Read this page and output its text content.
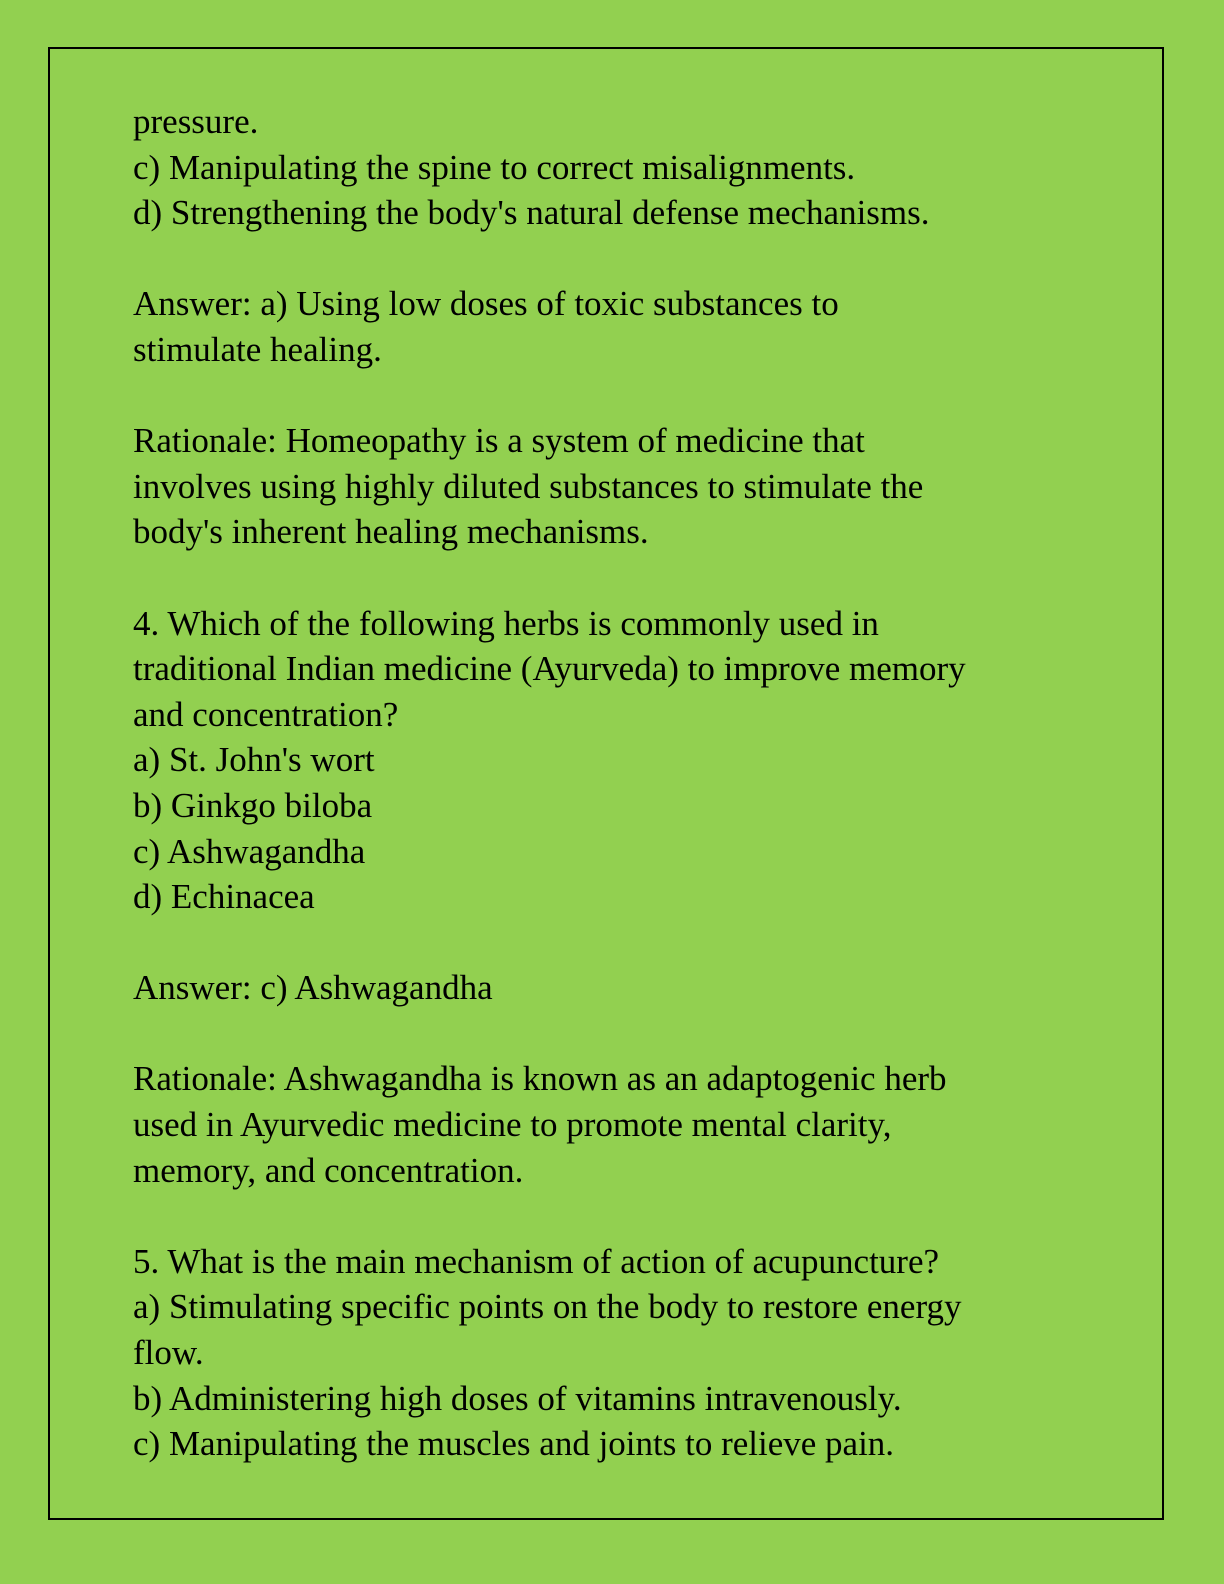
pressure.
c) Manipulating the spine to correct misalignments.
d) Strengthening the body's natural defense mechanisms.
Answer: a) Using low doses of toxic substances to
stimulate healing.
Rationale: Homeopathy is a system of medicine that
involves using highly diluted substances to stimulate the
body's inherent healing mechanisms.
4. Which of the following herbs is commonly used in
traditional Indian medicine (Ayurveda) to improve memory
and concentration?
a) St. John's wort
b) Ginkgo biloba
c) Ashwagandha
d) Echinacea
Answer: c) Ashwagandha
Rationale: Ashwagandha is known as an adaptogenic herb
used in Ayurvedic medicine to promote mental clarity,
memory, and concentration.
5. What is the main mechanism of action of acupuncture?
a) Stimulating specific points on the body to restore energy
flow.
b) Administering high doses of vitamins intravenously.
c) Manipulating the muscles and joints to relieve pain.
